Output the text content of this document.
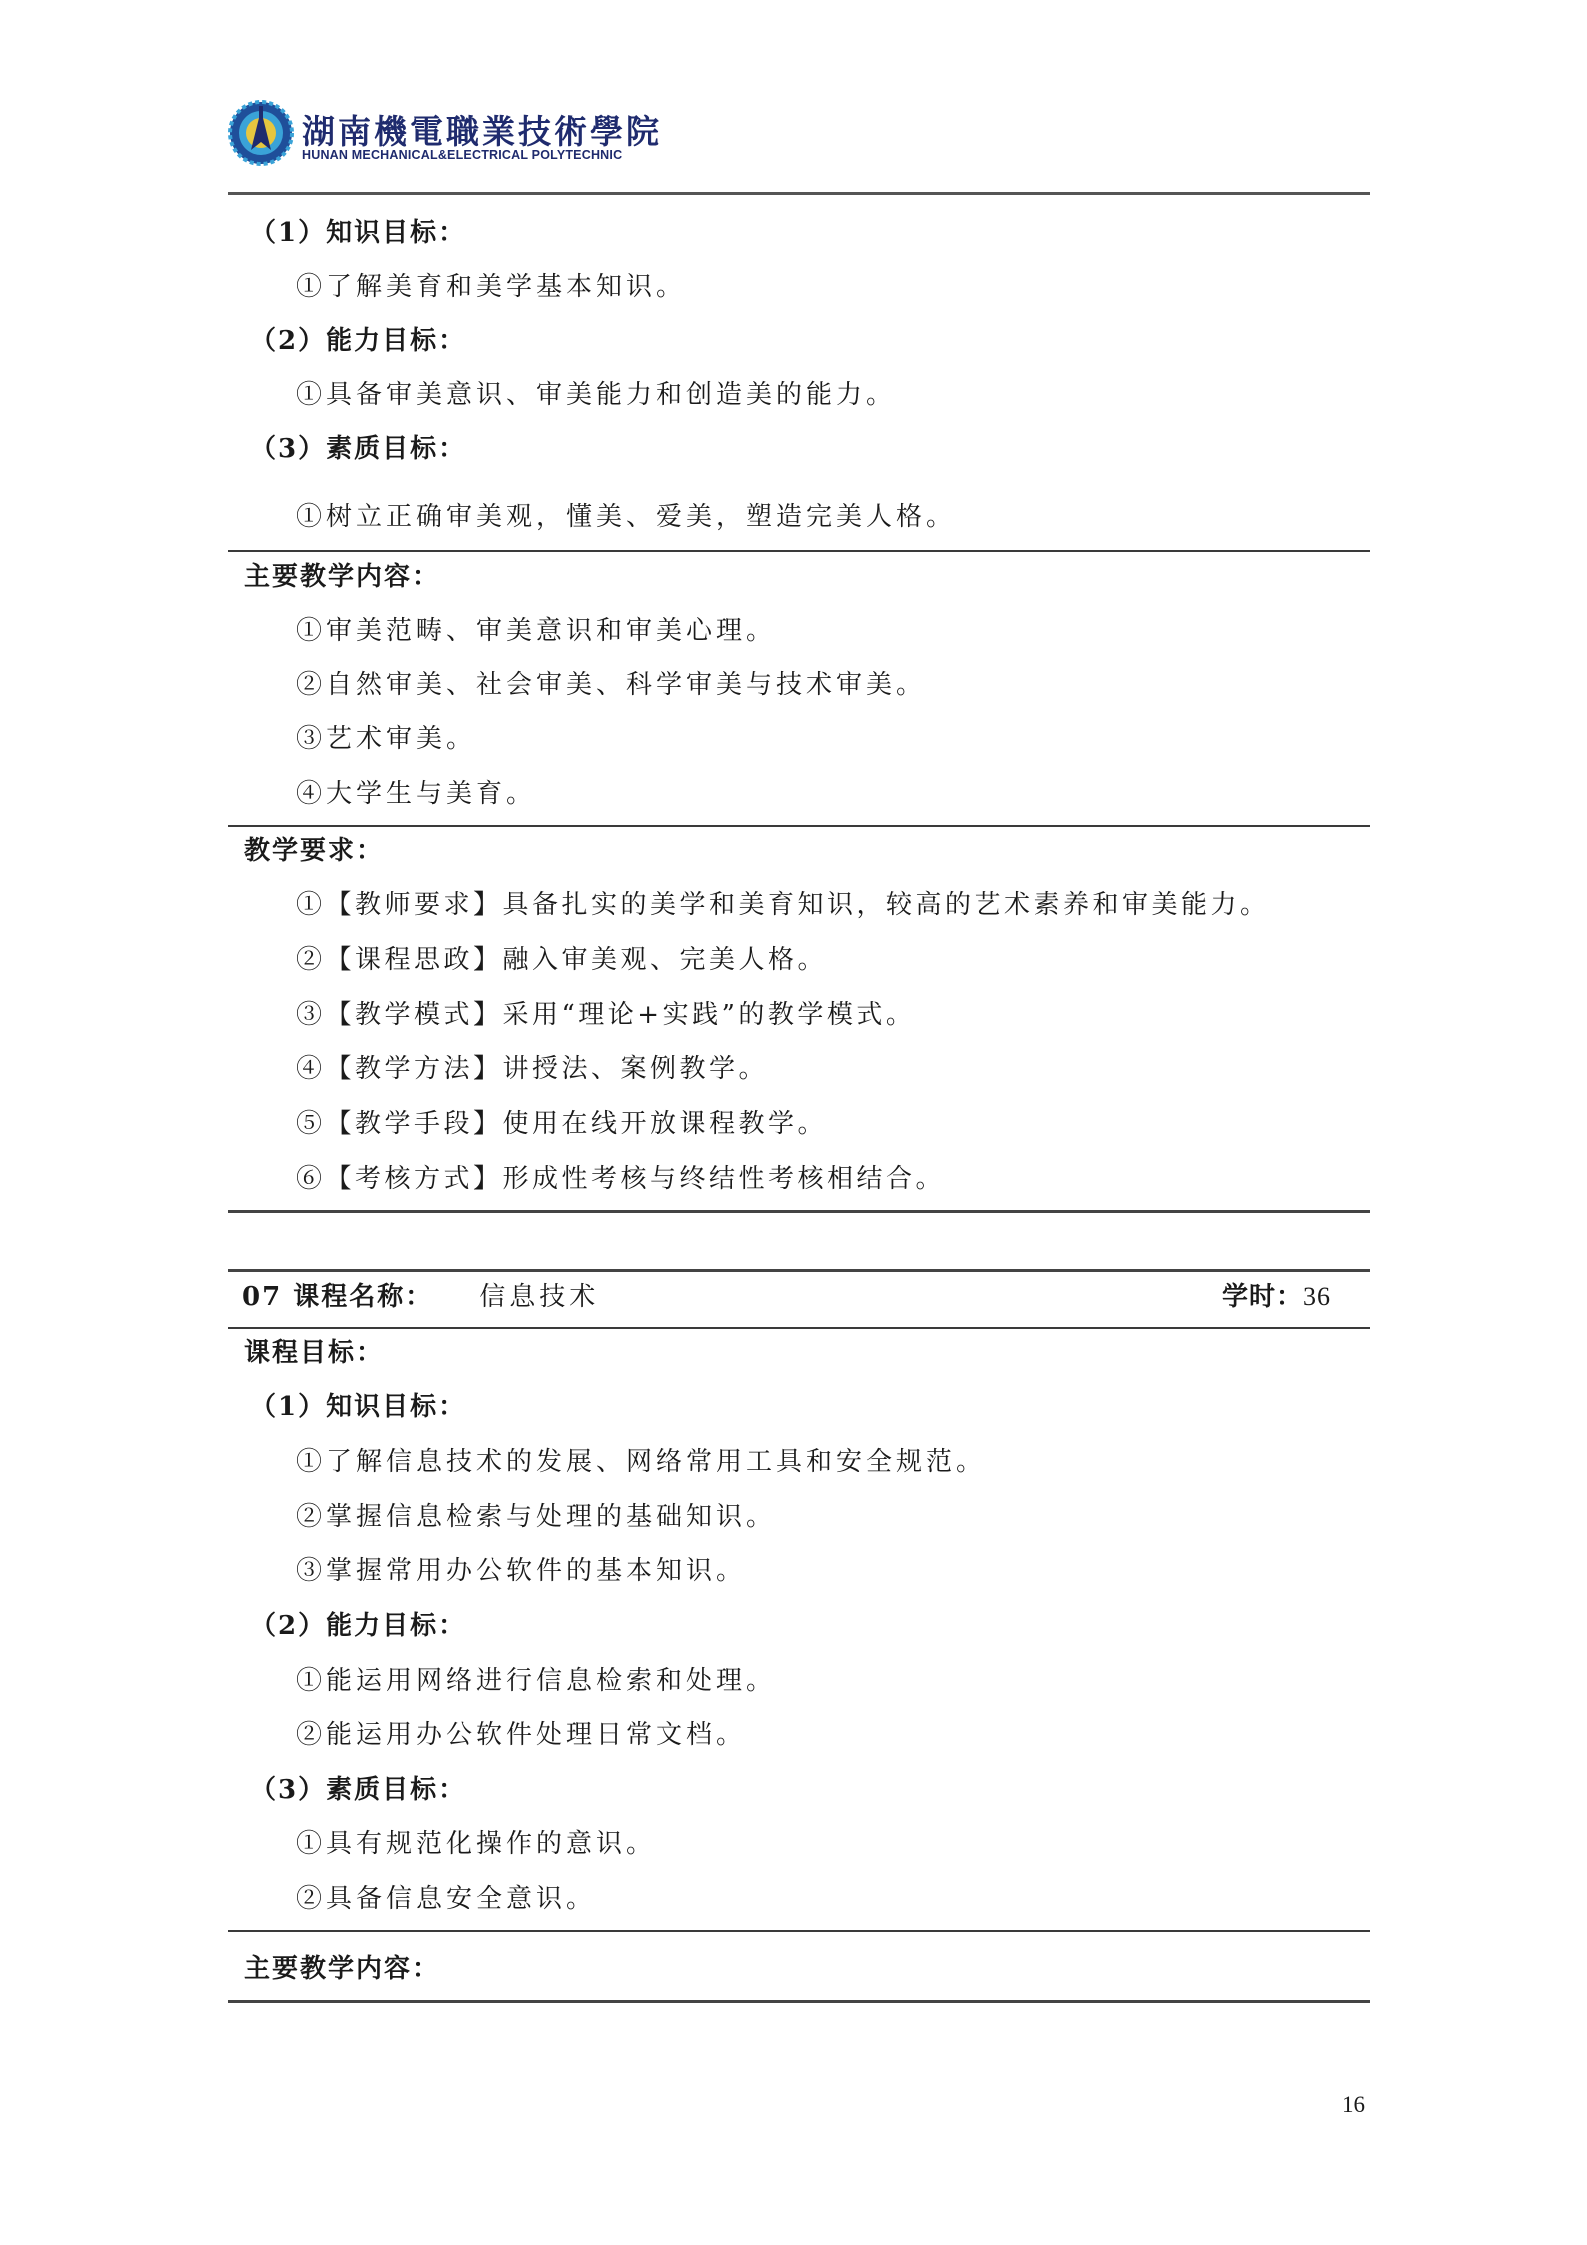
湖南機電職業技術學院
HUNAN MECHANICAL&ELECTRICAL POLYTECHNIC
（1）知识目标：
①了解美育和美学基本知识。
（2）能力目标：
①具备审美意识、审美能力和创造美的能力。
（3）素质目标：
①树立正确审美观，懂美、爱美，塑造完美人格。
主要教学内容：
①审美范畴、审美意识和审美心理。
②自然审美、社会审美、科学审美与技术审美。
③艺术审美。
④大学生与美育。
教学要求：
①【教师要求】具备扎实的美学和美育知识，较高的艺术素养和审美能力。
②【课程思政】融入审美观、完美人格。
③【教学模式】采用“理论+实践”的教学模式。
④【教学方法】讲授法、案例教学。
⑤【教学手段】使用在线开放课程教学。
⑥【考核方式】形成性考核与终结性考核相结合。
07 课程名称： 信息技术	学时：36
课程目标：
（1）知识目标：
①了解信息技术的发展、网络常用工具和安全规范。
②掌握信息检索与处理的基础知识。
③掌握常用办公软件的基本知识。
（2）能力目标：
①能运用网络进行信息检索和处理。
②能运用办公软件处理日常文档。
（3）素质目标：
①具有规范化操作的意识。
②具备信息安全意识。
主要教学内容：
16
